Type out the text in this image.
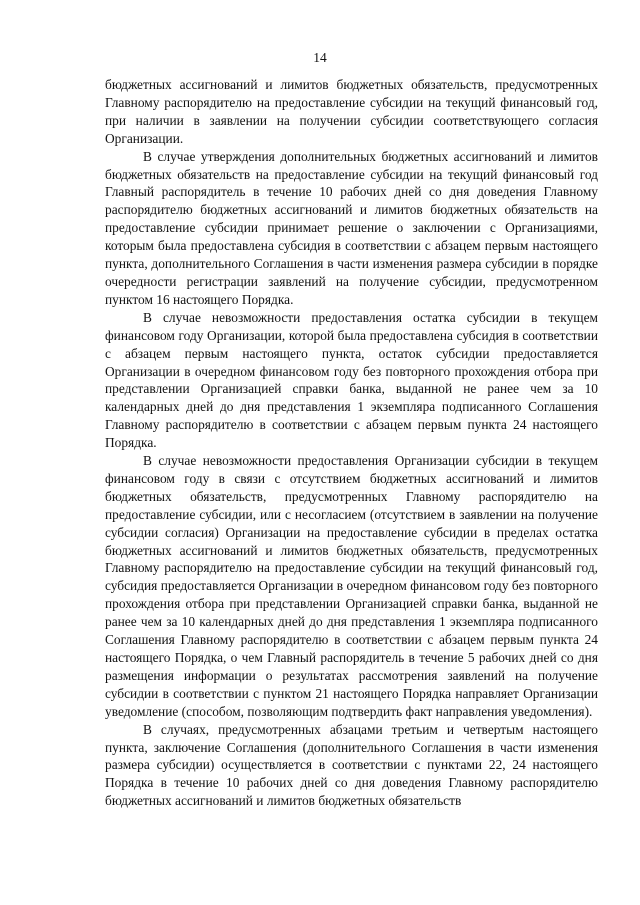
14

бюджетных ассигнований и лимитов бюджетных обязательств, предусмотренных Главному распорядителю на предоставление субсидии на текущий финансовый год, при наличии в заявлении на получении субсидии соответствующего согласия Организации.

В случае утверждения дополнительных бюджетных ассигнований и лимитов бюджетных обязательств на предоставление субсидии на текущий финансовый год Главный распорядитель в течение 10 рабочих дней со дня доведения Главному распорядителю бюджетных ассигнований и лимитов бюджетных обязательств на предоставление субсидии принимает решение о заключении с Организациями, которым была предоставлена субсидия в соответствии с абзацем первым настоящего пункта, дополнительного Соглашения в части изменения размера субсидии в порядке очередности регистрации заявлений на получение субсидии, предусмотренном пунктом 16 настоящего Порядка.

В случае невозможности предоставления остатка субсидии в текущем финансовом году Организации, которой была предоставлена субсидия в соответствии с абзацем первым настоящего пункта, остаток субсидии предоставляется Организации в очередном финансовом году без повторного прохождения отбора при представлении Организацией справки банка, выданной не ранее чем за 10 календарных дней до дня представления 1 экземпляра подписанного Соглашения Главному распорядителю в соответствии с абзацем первым пункта 24 настоящего Порядка.

В случае невозможности предоставления Организации субсидии в текущем финансовом году в связи с отсутствием бюджетных ассигнований и лимитов бюджетных обязательств, предусмотренных Главному распорядителю на предоставление субсидии, или с несогласием (отсутствием в заявлении на получение субсидии согласия) Организации на предоставление субсидии в пределах остатка бюджетных ассигнований и лимитов бюджетных обязательств, предусмотренных Главному распорядителю на предоставление субсидии на текущий финансовый год, субсидия предоставляется Организации в очередном финансовом году без повторного прохождения отбора при представлении Организацией справки банка, выданной не ранее чем за 10 календарных дней до дня представления 1 экземпляра подписанного Соглашения Главному распорядителю в соответствии с абзацем первым пункта 24 настоящего Порядка, о чем Главный распорядитель в течение 5 рабочих дней со дня размещения информации о результатах рассмотрения заявлений на получение субсидии в соответствии с пунктом 21 настоящего Порядка направляет Организации уведомление (способом, позволяющим подтвердить факт направления уведомления).

В случаях, предусмотренных абзацами третьим и четвертым настоящего пункта, заключение Соглашения (дополнительного Соглашения в части изменения размера субсидии) осуществляется в соответствии с пунктами 22, 24 настоящего Порядка в течение 10 рабочих дней со дня доведения Главному распорядителю бюджетных ассигнований и лимитов бюджетных обязательств
